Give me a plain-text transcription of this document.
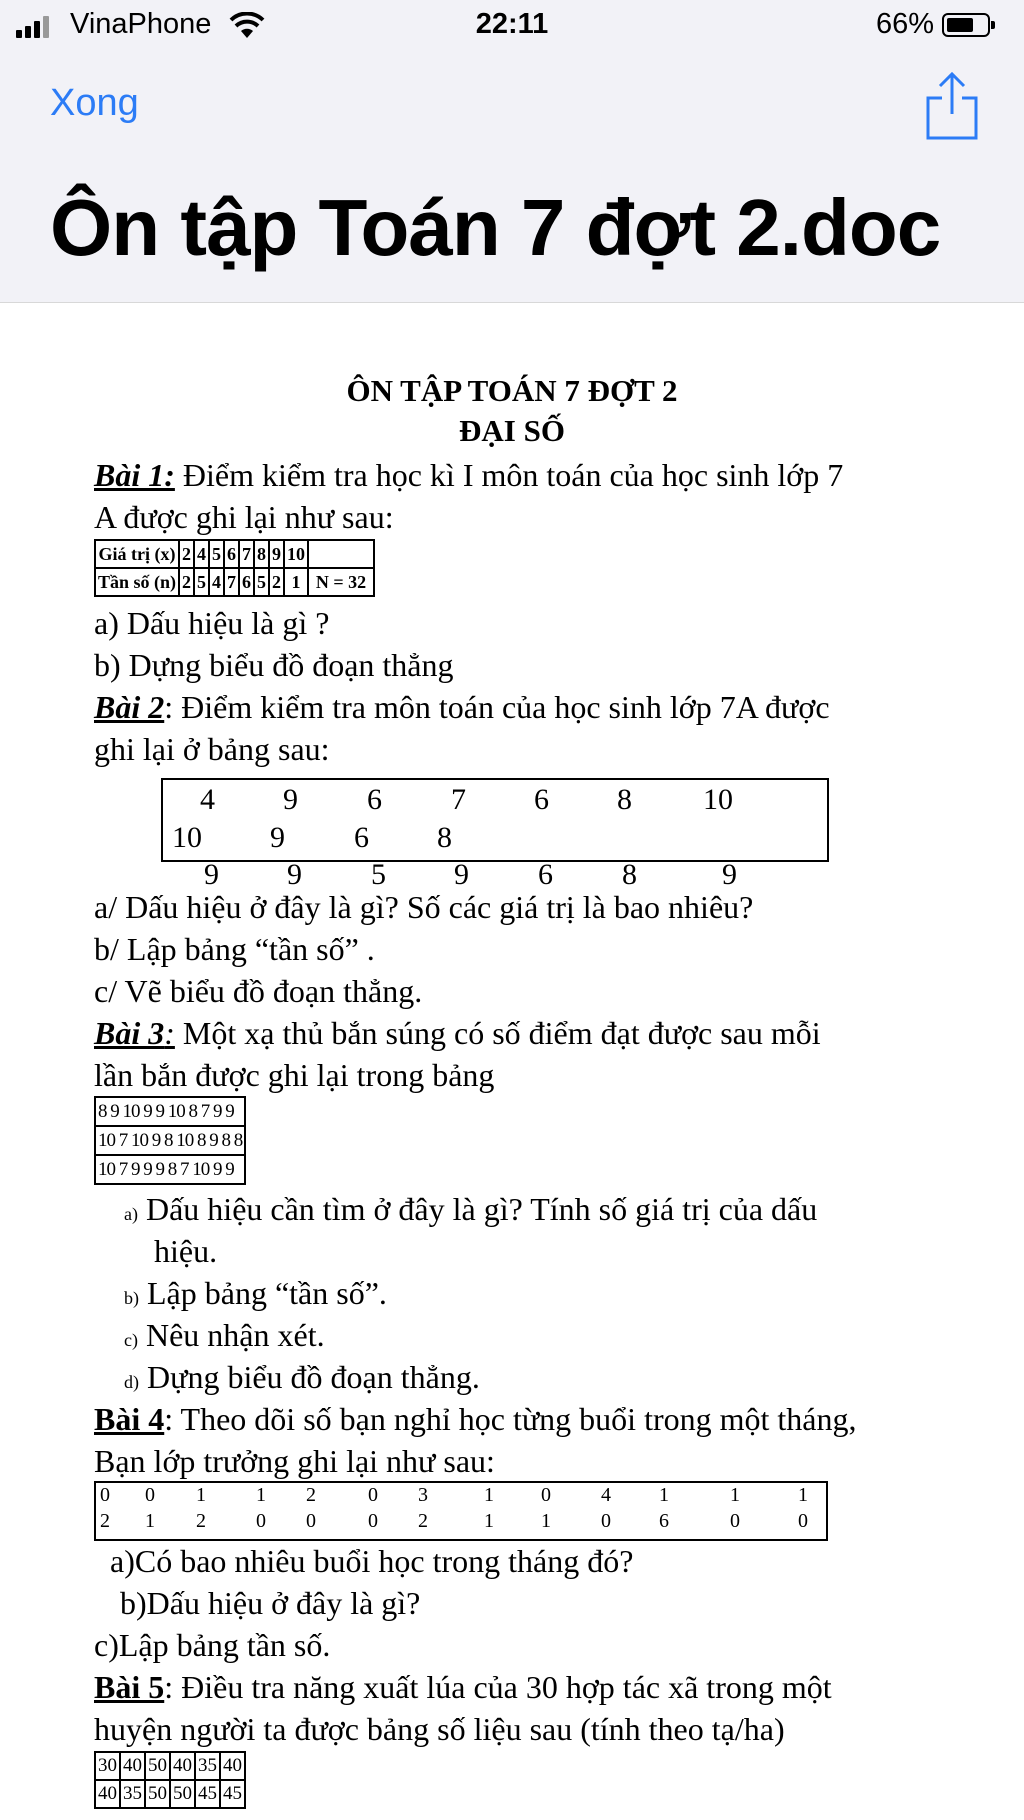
VinaPhone	22:11	66%
Xong
Ôn tập Toán 7 đợt 2.doc
ÔN TẬP TOÁN 7 ĐỢT 2
ĐẠI SỐ
Bài 1: Điểm kiểm tra học kì I môn toán của học sinh lớp 7
A được ghi lại như sau:
Giá trị (x)	2	4	5	6	7	8	9	10	
Tần số (n)	2	5	4	7	6	5	2	1	N = 32
a) Dấu hiệu là gì ?
b) Dựng biểu đồ đoạn thẳng
Bài 2: Điểm kiểm tra môn toán của học sinh lớp 7A được
ghi lại ở bảng sau:
4 9 6 7 6 8 10
10 9 6 8
9 9 5 9 6 8	9
a/ Dấu hiệu ở đây là gì? Số các giá trị là bao nhiêu?
b/ Lập bảng “tần số” .
c/ Vẽ biểu đồ đoạn thẳng.
Bài 3: Một xạ thủ bắn súng có số điểm đạt được sau mỗi
lần bắn được ghi lại trong bảng
8 9 10 9 9 10 8 7 9 9
10 7 10 9 8 10 8 9 8 8
10 7 9 9 9 8 7 10 9 9
a) Dấu hiệu cần tìm ở đây là gì? Tính số giá trị của dấu
hiệu.
b) Lập bảng “tần số”.
c) Nêu nhận xét.
d) Dựng biểu đồ đoạn thẳng.
Bài 4: Theo dõi số bạn nghỉ học từng buổi trong một tháng,
Bạn lớp trưởng ghi lại như sau:
0 0 1	1 2	0 3	1 0	4 1	1	1
2 1 2	0 0	0 2	1 1	0 6	0	0
a)Có bao nhiêu buổi học trong tháng đó?
b)Dấu hiệu ở đây là gì?
c)Lập bảng tần số.
Bài 5: Điều tra năng xuất lúa của 30 hợp tác xã trong một
huyện người ta được bảng số liệu sau (tính theo tạ/ha)
30	40	50	40	35	40
40	35	50	50	45	45
